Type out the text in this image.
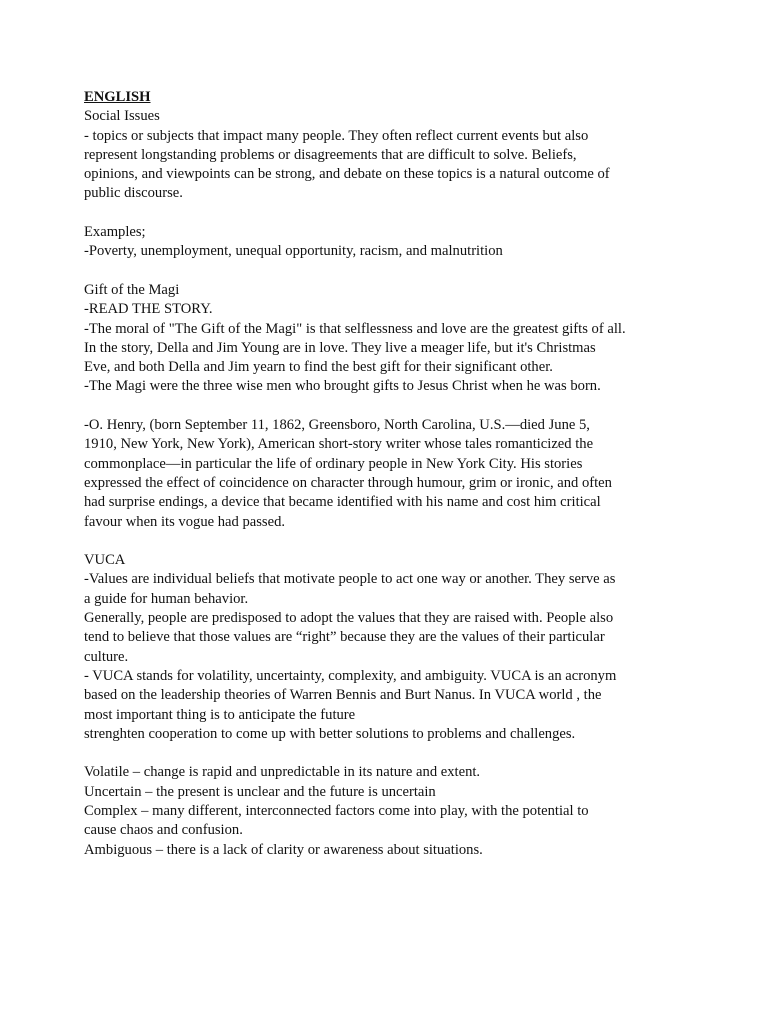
ENGLISH
Social Issues
- topics or subjects that impact many people. They often reflect current events but also
represent longstanding problems or disagreements that are difficult to solve. Beliefs,
opinions, and viewpoints can be strong, and debate on these topics is a natural outcome of
public discourse.
Examples;
-Poverty, unemployment, unequal opportunity, racism, and malnutrition
Gift of the Magi
-READ THE STORY.
-The moral of "The Gift of the Magi" is that selflessness and love are the greatest gifts of all.
In the story, Della and Jim Young are in love. They live a meager life, but it's Christmas
Eve, and both Della and Jim yearn to find the best gift for their significant other.
-The Magi were the three wise men who brought gifts to Jesus Christ when he was born.
-O. Henry, (born September 11, 1862, Greensboro, North Carolina, U.S.—died June 5,
1910, New York, New York), American short-story writer whose tales romanticized the
commonplace—in particular the life of ordinary people in New York City. His stories
expressed the effect of coincidence on character through humour, grim or ironic, and often
had surprise endings, a device that became identified with his name and cost him critical
favour when its vogue had passed.
VUCA
-Values are individual beliefs that motivate people to act one way or another. They serve as
a guide for human behavior.
Generally, people are predisposed to adopt the values that they are raised with. People also
tend to believe that those values are “right” because they are the values of their particular
culture.
- VUCA stands for volatility, uncertainty, complexity, and ambiguity. VUCA is an acronym
based on the leadership theories of Warren Bennis and Burt Nanus. In VUCA world , the
most important thing is to anticipate the future
strenghten cooperation to come up with better solutions to problems and challenges.
Volatile – change is rapid and unpredictable in its nature and extent.
Uncertain – the present is unclear and the future is uncertain
Complex – many different, interconnected factors come into play, with the potential to
cause chaos and confusion.
Ambiguous – there is a lack of clarity or awareness about situations.
